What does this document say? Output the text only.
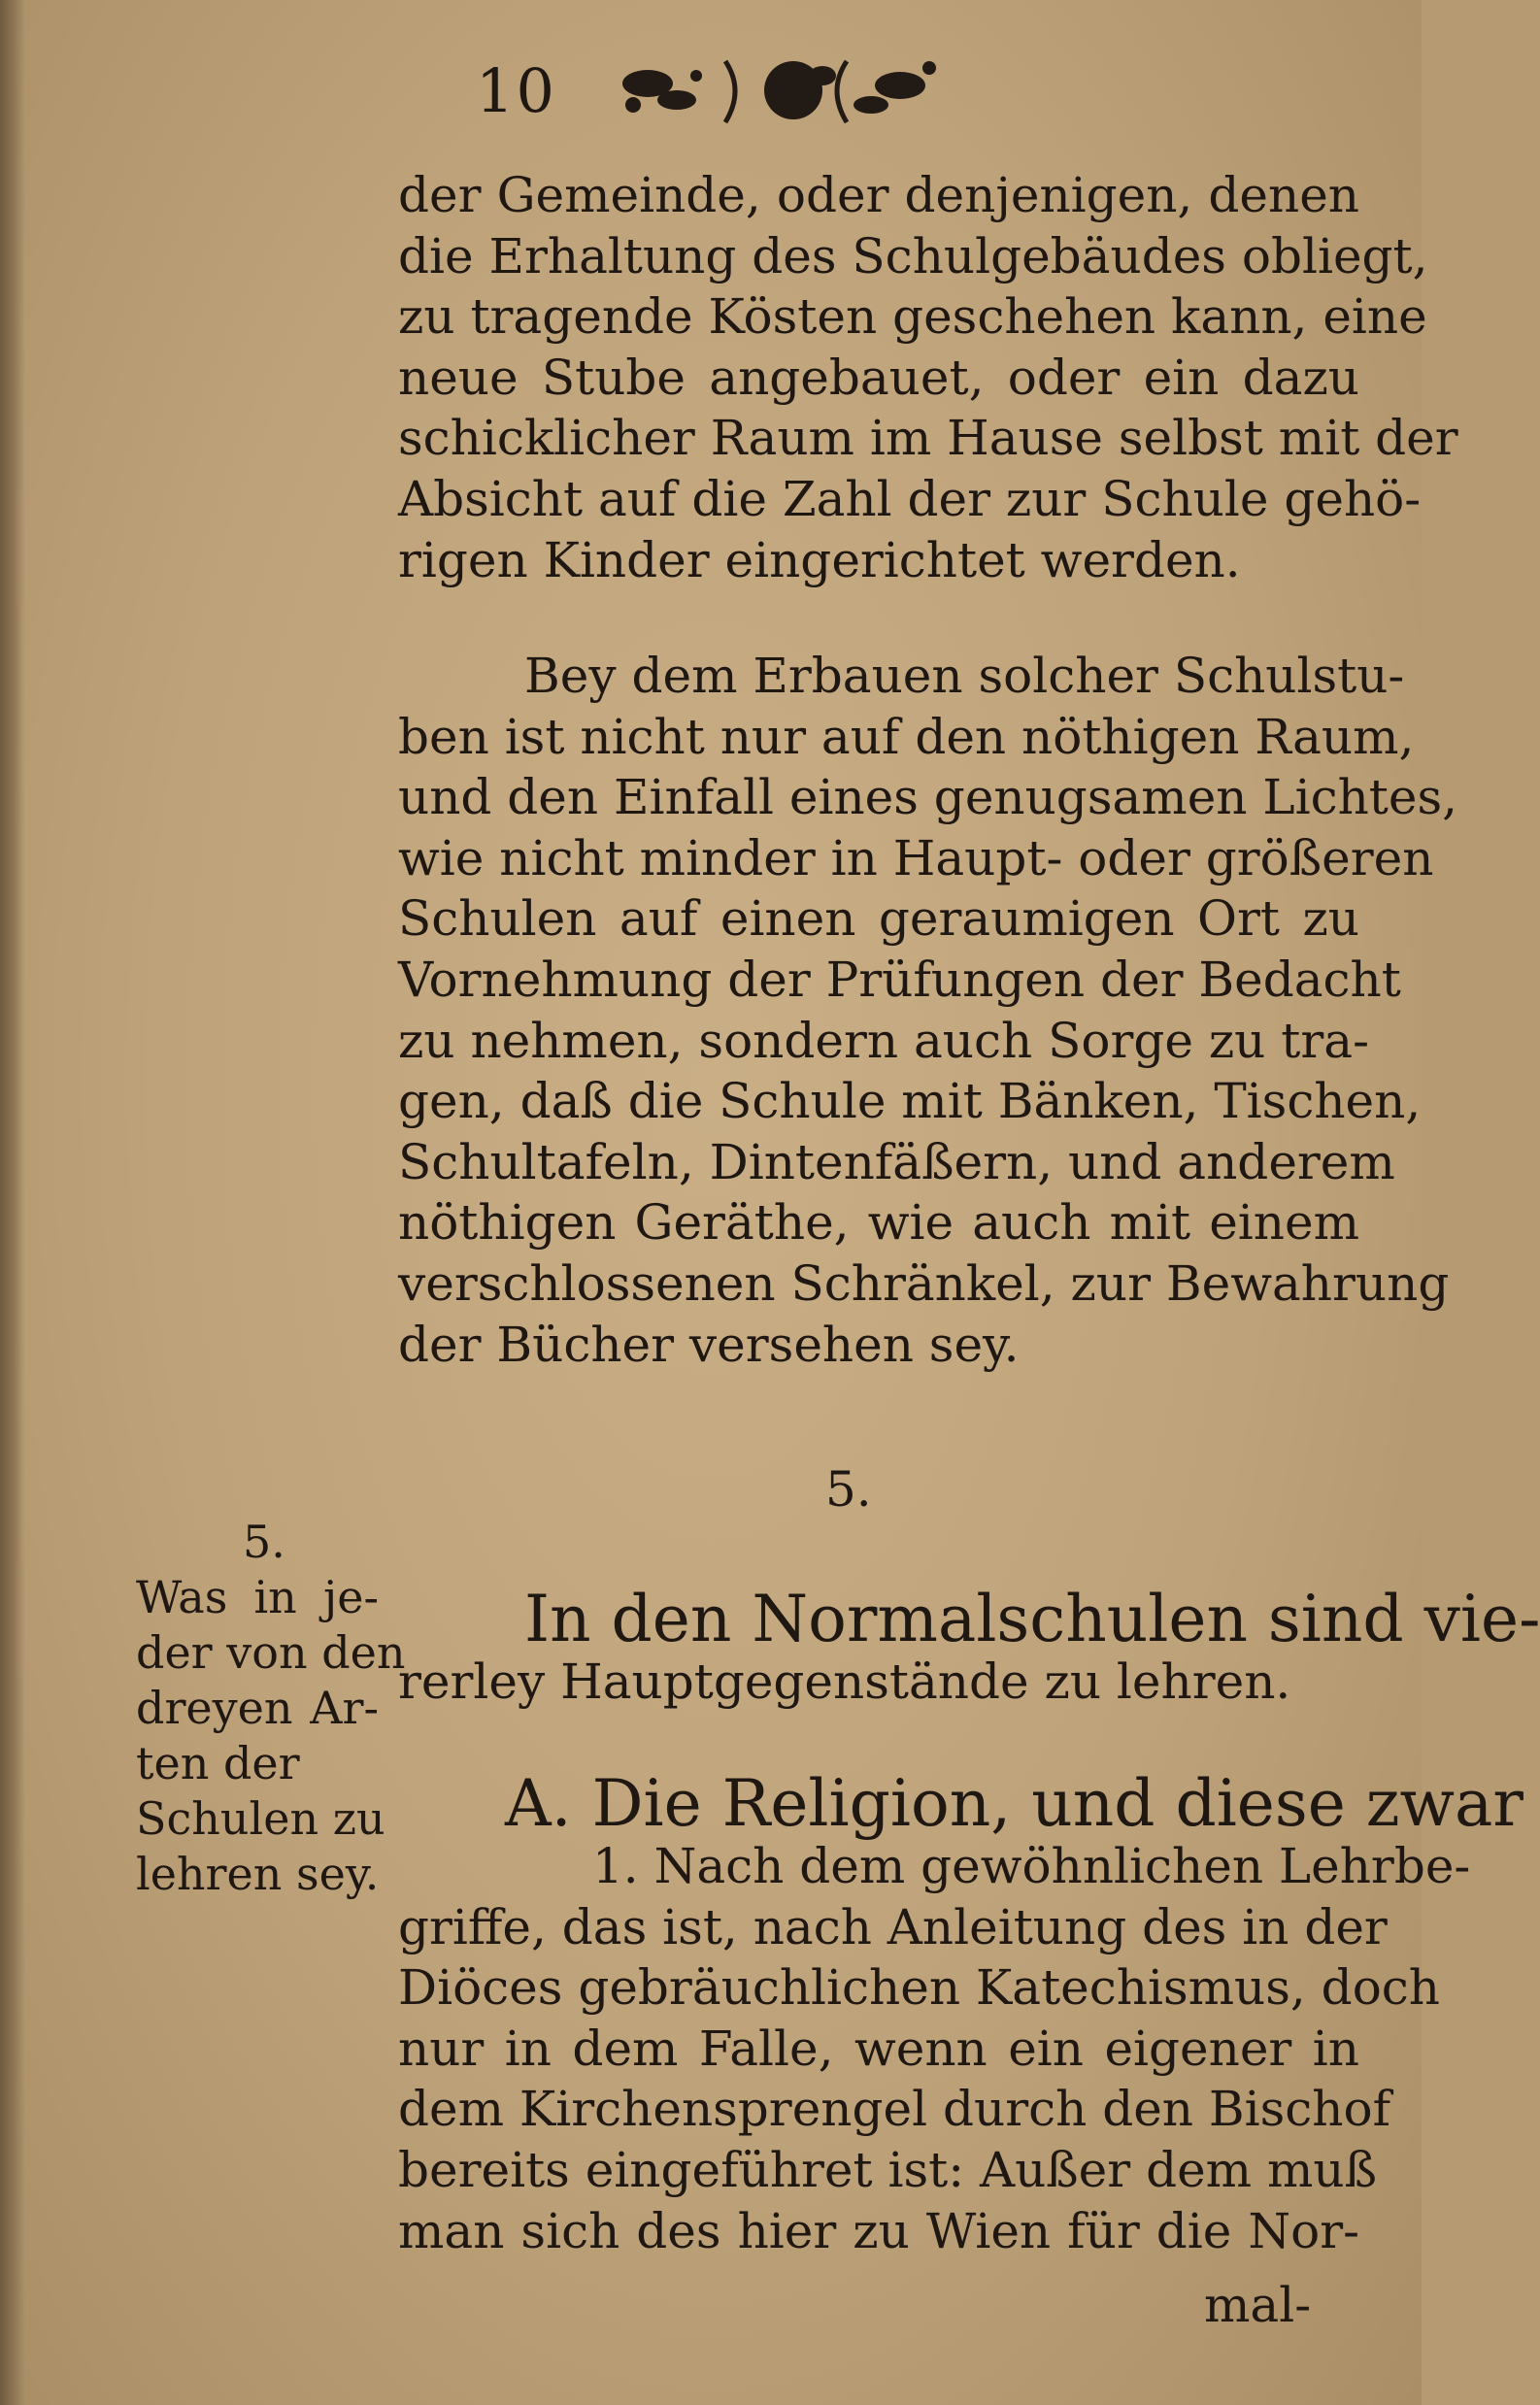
10
der Gemeinde, oder denjenigen, denen
die Erhaltung des Schulgebäudes obliegt,
zu tragende Kösten geschehen kann, eine
neue Stube angebauet, oder ein dazu
schicklicher Raum im Hause selbst mit der
Absicht auf die Zahl der zur Schule gehö-
rigen Kinder eingerichtet werden.
Bey dem Erbauen solcher Schulstu-
ben ist nicht nur auf den nöthigen Raum,
und den Einfall eines genugsamen Lichtes,
wie nicht minder in Haupt- oder größeren
Schulen auf einen geraumigen Ort zu
Vornehmung der Prüfungen der Bedacht
zu nehmen, sondern auch Sorge zu tra-
gen, daß die Schule mit Bänken, Tischen,
Schultafeln, Dintenfäßern, und anderem
nöthigen Geräthe, wie auch mit einem
verschlossenen Schränkel, zur Bewahrung
der Bücher versehen sey.
5.
5.
Was in je-
der von den
dreyen Ar-
ten der
Schulen zu
lehren sey.
In den Normalschulen sind vie-
rerley Hauptgegenstände zu lehren.
A. Die Religion, und diese zwar
1. Nach dem gewöhnlichen Lehrbe-
griffe, das ist, nach Anleitung des in der
Diöces gebräuchlichen Katechismus, doch
nur in dem Falle, wenn ein eigener in
dem Kirchensprengel durch den Bischof
bereits eingeführet ist: Außer dem muß
man sich des hier zu Wien für die Nor-
mal-
